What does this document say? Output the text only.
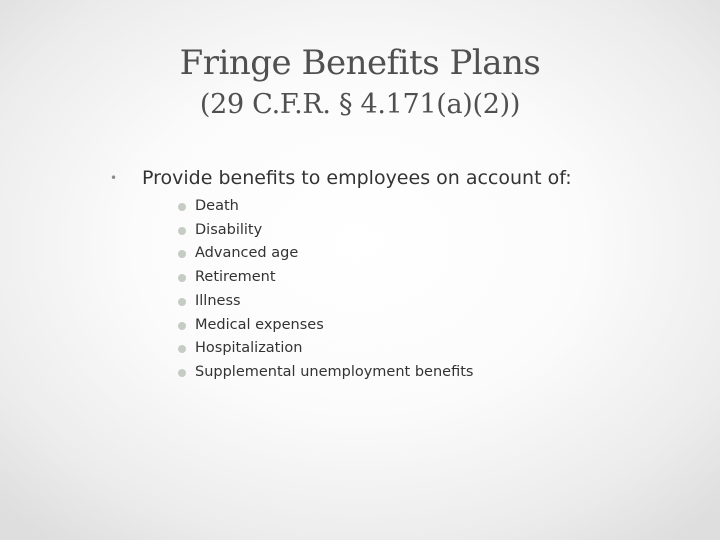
Fringe Benefits Plans
(29 C.F.R. § 4.171(a)(2))
• Provide benefits to employees on account of:
Death
Disability
Advanced age
Retirement
Illness
Medical expenses
Hospitalization
Supplemental unemployment benefits
